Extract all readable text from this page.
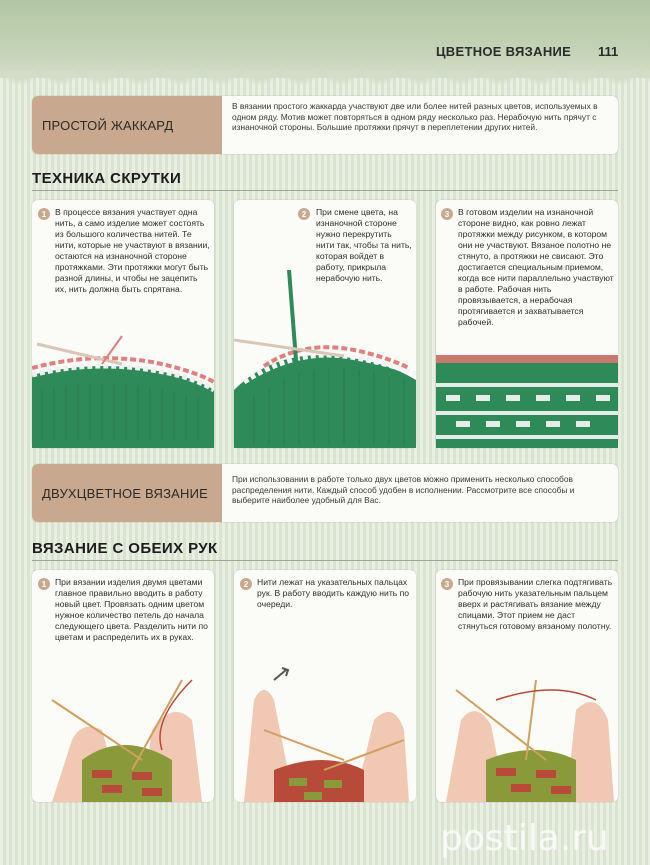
ЦВЕТНОЕ ВЯЗАНИЕ 111
ПРОСТОЙ ЖАККАРД
В вязании простого жаккарда участвуют две или более нитей разных цветов, используемых в одном ряду. Мотив может повторяться в одном ряду несколько раз. Нерабочую нить прячут с изнаночной стороны. Большие протяжки прячут в переплетении других нитей.
ТЕХНИКА СКРУТКИ
1	В процессе вязания участвует одна нить, а само изделие может состоять из большого количества нитей. Те нити, которые не участвуют в вязании, остаются на изнаночной стороне протяжками. Эти протяжки могут быть разной длины, и чтобы не зацепить их, нить должна быть спрятана.
2	При смене цвета, на изнаночной стороне нужно перекрутить нити так, чтобы та нить, которая войдет в работу, прикрыла нерабочую нить.
3	В готовом изделии на изнаночной стороне видно, как ровно лежат протяжки между рисунком, в котором они не участвуют. Вязаное полотно не стянуто, а протяжки не свисают. Это достигается специальным приемом, когда все нити параллельно участвуют в работе. Рабочая нить провязывается, а нерабочая протягивается и захватывается рабочей.
ДВУХЦВЕТНОЕ ВЯЗАНИЕ
При использовании в работе только двух цветов можно применить несколько способов распределения нити. Каждый способ удобен в исполнении. Рассмотрите все способы и выберите наиболее удобный для Вас.
ВЯЗАНИЕ С ОБЕИХ РУК
1	При вязании изделия двумя цветами главное правильно вводить в работу новый цвет. Провязать одним цветом нужное количество петель до начала следующего цвета. Разделить нити по цветам и распределить их в руках.
2	Нити лежат на указательных пальцах рук. В работу вводить каждую нить по очереди.
3	При провязывании слегка подтягивать рабочую нить указательным пальцем вверх и растягивать вязание между спицами. Этот прием не даст стянуться готовому вязаному полотну.
postila.ru
